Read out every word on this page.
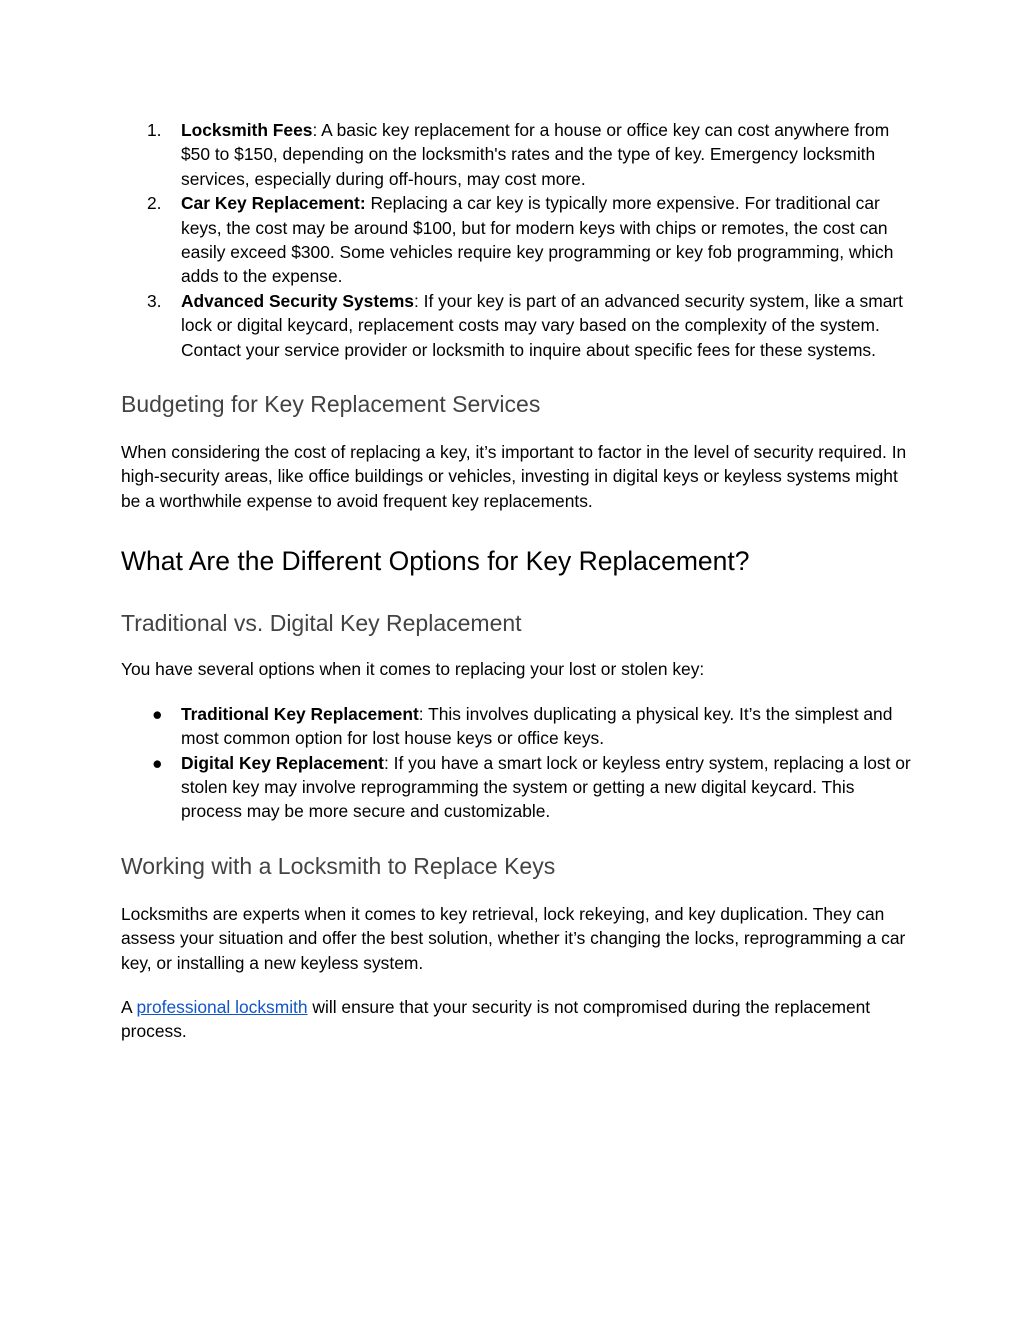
1. Locksmith Fees: A basic key replacement for a house or office key can cost anywhere from $50 to $150, depending on the locksmith's rates and the type of key. Emergency locksmith services, especially during off-hours, may cost more.
2. Car Key Replacement: Replacing a car key is typically more expensive. For traditional car keys, the cost may be around $100, but for modern keys with chips or remotes, the cost can easily exceed $300. Some vehicles require key programming or key fob programming, which adds to the expense.
3. Advanced Security Systems: If your key is part of an advanced security system, like a smart lock or digital keycard, replacement costs may vary based on the complexity of the system. Contact your service provider or locksmith to inquire about specific fees for these systems.
Budgeting for Key Replacement Services

When considering the cost of replacing a key, it’s important to factor in the level of security required. In high-security areas, like office buildings or vehicles, investing in digital keys or keyless systems might be a worthwhile expense to avoid frequent key replacements.

What Are the Different Options for Key Replacement?
Traditional vs. Digital Key Replacement

You have several options when it comes to replacing your lost or stolen key:

● Traditional Key Replacement: This involves duplicating a physical key. It’s the simplest and most common option for lost house keys or office keys.
● Digital Key Replacement: If you have a smart lock or keyless entry system, replacing a lost or stolen key may involve reprogramming the system or getting a new digital keycard. This process may be more secure and customizable.
Working with a Locksmith to Replace Keys

Locksmiths are experts when it comes to key retrieval, lock rekeying, and key duplication. They can assess your situation and offer the best solution, whether it’s changing the locks, reprogramming a car key, or installing a new keyless system.

A professional locksmith will ensure that your security is not compromised during the replacement process.
